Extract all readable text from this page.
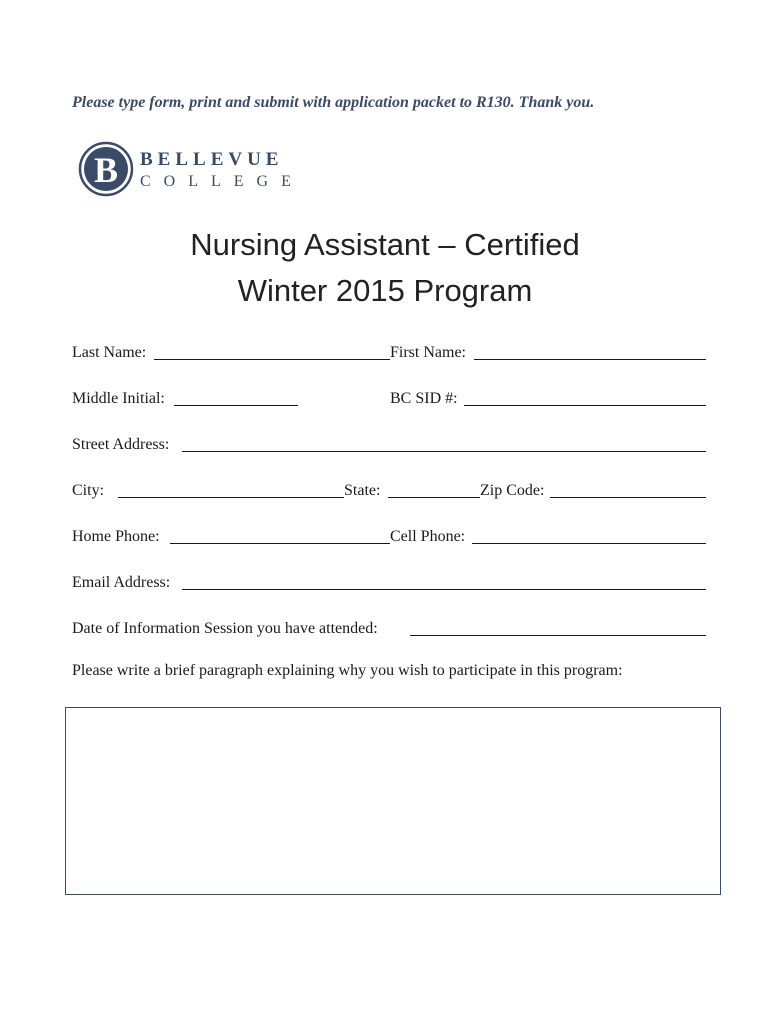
Please type form, print and submit with application packet to R130. Thank you.
B BELLEVUE
COLLEGE
Nursing Assistant – Certified
Winter 2015 Program
Last Name:	First Name:
Middle Initial:	BC SID #:
Street Address:
City:	State:	Zip Code:
Home Phone:	Cell Phone:
Email Address:
Date of Information Session you have attended:
Please write a brief paragraph explaining why you wish to participate in this program:
